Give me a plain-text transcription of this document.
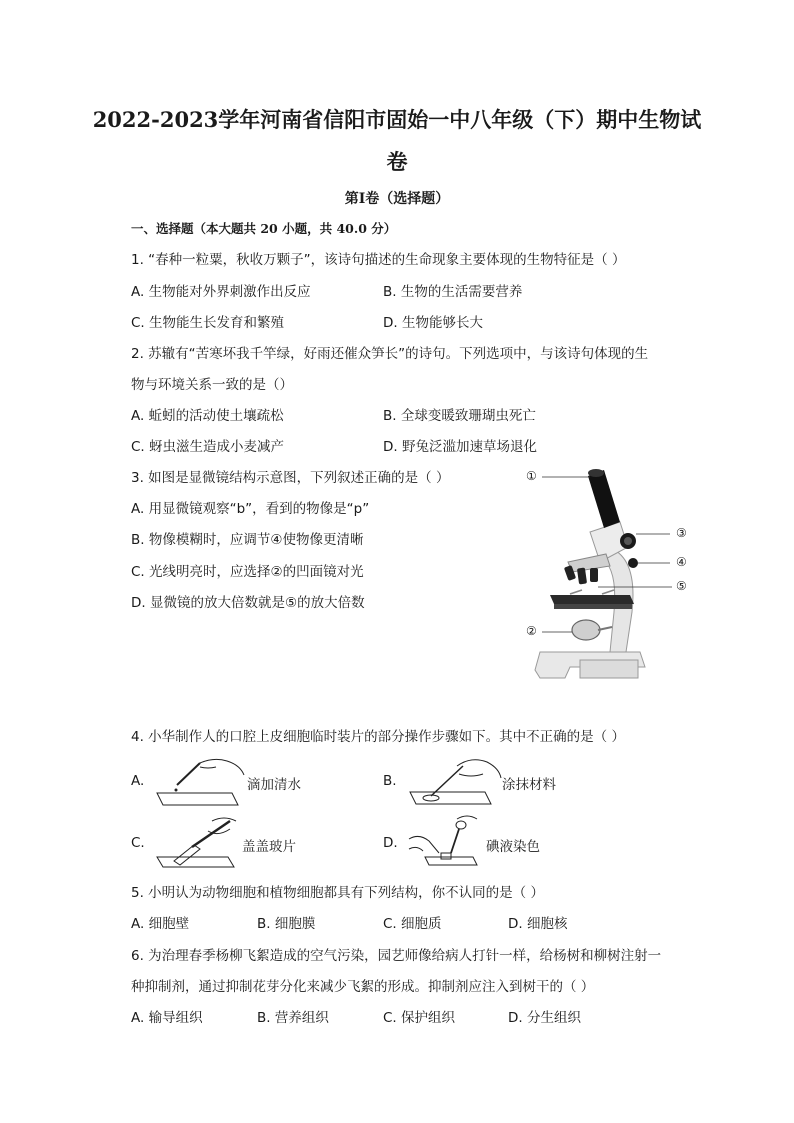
2022-2023学年河南省信阳市固始一中八年级（下）期中生物试
卷
第Ⅰ卷（选择题）
一、选择题（本大题共 20 小题，共 40.0 分）
1. “春种一粒粟，秋收万颗子”，该诗句描述的生命现象主要体现的生物特征是（ ）
A. 生物能对外界刺激作出反应	B. 生物的生活需要营养
C. 生物能生长发育和繁殖	D. 生物能够长大
2. 苏辙有“苦寒坏我千竿绿，好雨还催众笋长”的诗句。下列选项中，与该诗句体现的生
物与环境关系一致的是（）
A. 蚯蚓的活动使土壤疏松	B. 全球变暖致珊瑚虫死亡
C. 蚜虫滋生造成小麦减产	D. 野兔泛滥加速草场退化
3. 如图是显微镜结构示意图，下列叙述正确的是（ ）
A. 用显微镜观察“b”，看到的物像是“p”
B. 物像模糊时，应调节④使物像更清晰
C. 光线明亮时，应选择②的凹面镜对光
D. 显微镜的放大倍数就是⑤的放大倍数
①
②
③
④
⑤
4. 小华制作人的口腔上皮细胞临时装片的部分操作步骤如下。其中不正确的是（ ）
A.	滴加清水	B.	涂抹材料
C.	盖盖玻片	D.	碘液染色
5. 小明认为动物细胞和植物细胞都具有下列结构，你不认同的是（ ）
A. 细胞壁	B. 细胞膜	C. 细胞质	D. 细胞核
6. 为治理春季杨柳飞絮造成的空气污染，园艺师像给病人打针一样，给杨树和柳树注射一
种抑制剂，通过抑制花芽分化来减少飞絮的形成。抑制剂应注入到树干的（ ）
A. 输导组织	B. 营养组织	C. 保护组织	D. 分生组织
